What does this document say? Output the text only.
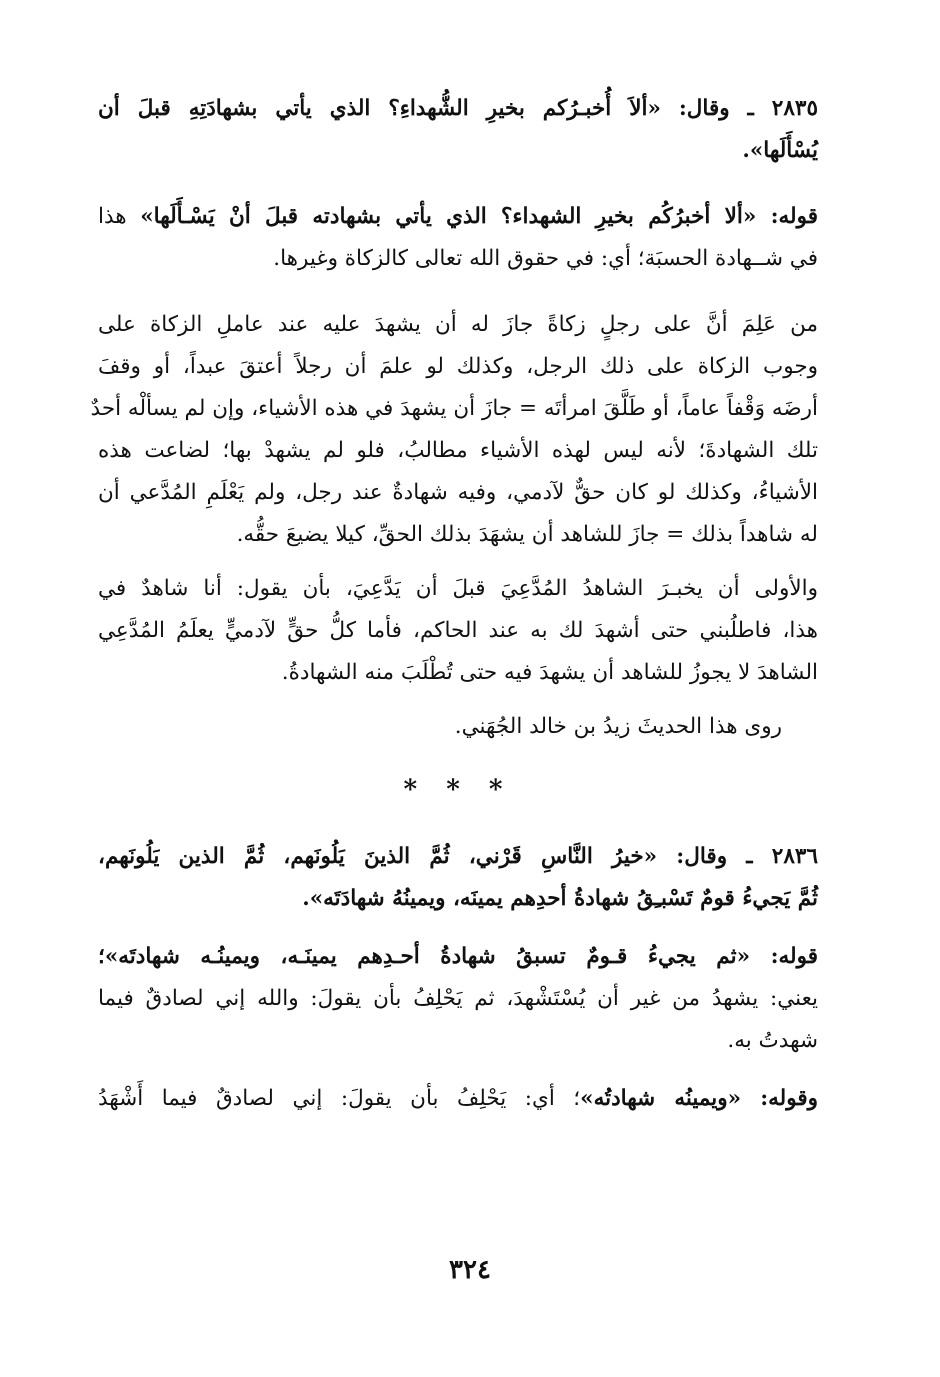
٢٨٣٥ ـ وقال: «ألاَ أُخبـرُكم بخيرِ الشُّهداءِ؟ الذي يأتي بشهادَتِهِ قبلَ أن
يُسْأَلَها».
قوله: «ألا أخبرُكُم بخيرِ الشهداء؟ الذي يأتي بشهادته قبلَ أنْ يَسْـأَلَها» هذا
في شــهادة الحسبَة؛ أي: في حقوق الله تعالى كالزكاة وغيرها.
من عَلِمَ أنَّ على رجلٍ زكاةً جازَ له أن يشهدَ عليه عند عاملِ الزكاة على
وجوب الزكاة على ذلك الرجل، وكذلك لو علمَ أن رجلاً أعتقَ عبداً، أو وقفَ
أرضَه وَقْفاً عاماً، أو طَلَّقَ امرأتَه = جازَ أن يشهدَ في هذه الأشياء، وإن لم يسألْه أحدٌ
تلك الشهادةَ؛ لأنه ليس لهذه الأشياء مطالبُ، فلو لم يشهدْ بها؛ لضاعت هذه
الأشياءُ، وكذلك لو كان حقٌّ لآدمي، وفيه شهادةٌ عند رجل، ولم يَعْلَمِ المُدَّعي أن
له شاهداً بذلك = جازَ للشاهد أن يشهَدَ بذلك الحقِّ، كيلا يضيعَ حقُّه.
والأولى أن يخبـرَ الشاهدُ المُدَّعِيَ قبلَ أن يَدَّعِيَ، بأن يقول: أنا شاهدٌ في
هذا، فاطلُبني حتى أشهدَ لك به عند الحاكم، فأما كلُّ حقٍّ لآدميٍّ يعلَمُ المُدَّعِي
الشاهدَ لا يجوزُ للشاهد أن يشهدَ فيه حتى تُطْلَبَ منه الشهادةُ.
روى هذا الحديثَ زيدُ بن خالد الجُهَني.
* * *
٢٨٣٦ ـ وقال: «خيرُ النَّاسِ قَرْني، ثُمَّ الذينَ يَلُونَهم، ثُمَّ الذين يَلُونَهم،
ثُمَّ يَجيءُ قومٌ تَسْبـِقُ شهادةُ أحدِهم يمينَه، ويمينُهُ شهادَتَه».
قوله: «ثم يجيءُ قـومٌ تسبقُ شهادةُ أحـدِهم يمينَـه، ويمينُـه شهادتَه»؛
يعني: يشهدُ من غير أن يُسْتَشْهدَ، ثم يَحْلِفُ بأن يقولَ: والله إني لصادقٌ فيما
شهدتُ به.
وقوله: «ويمينُه شهادتُه»؛ أي: يَحْلِفُ بأن يقولَ: إني لصادقٌ فيما أَشْهَدُ
٣٢٤
